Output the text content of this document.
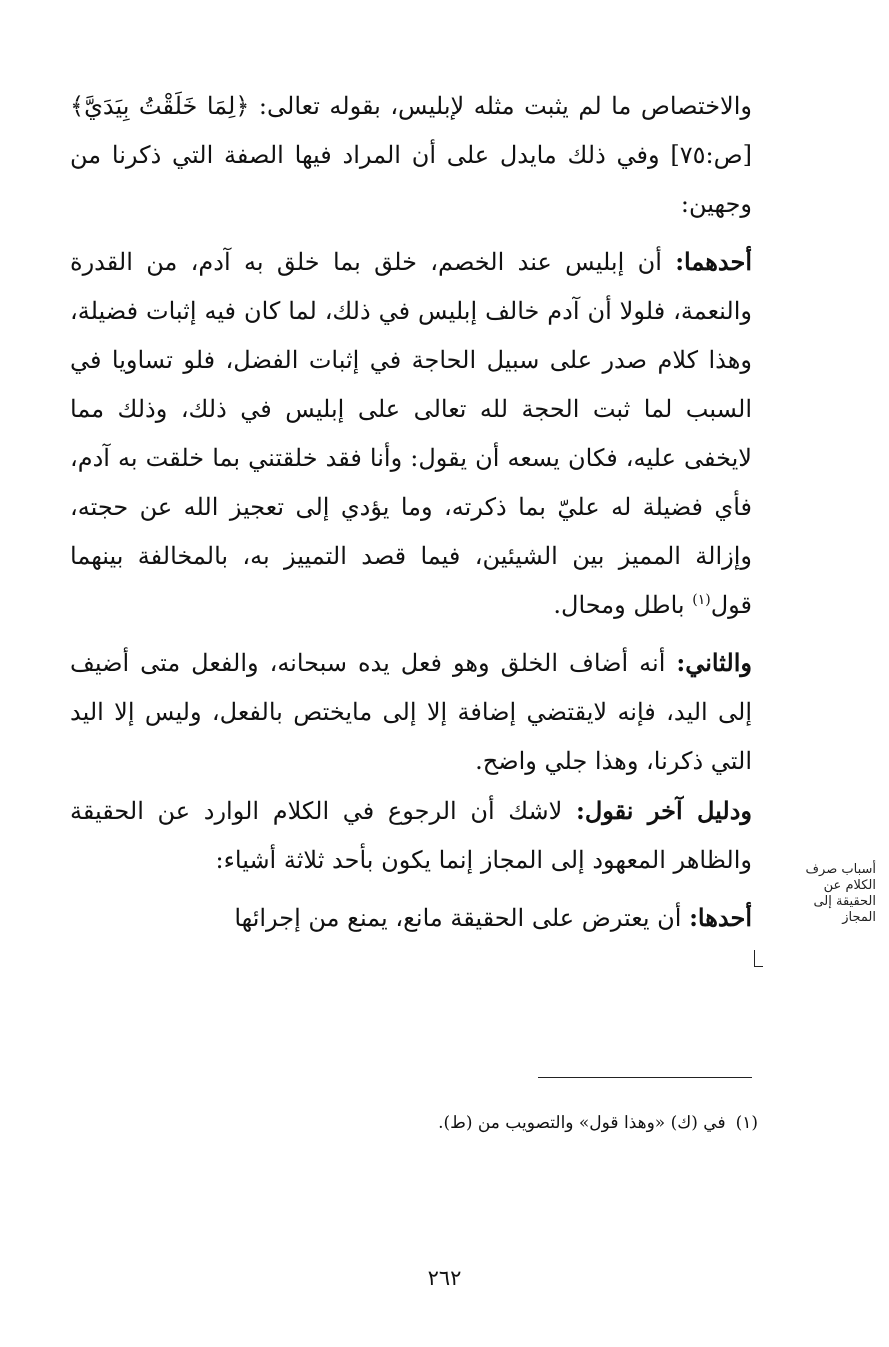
والاختصاص ما لم يثبت مثله لإبليس، بقوله تعالى: ﴿لِمَا خَلَقْتُ بِيَدَيَّ﴾ [ص:٧٥] وفي ذلك مايدل على أن المراد فيها الصفة التي ذكرنا من وجهين:

أحدهما: أن إبليس عند الخصم، خلق بما خلق به آدم، من القدرة والنعمة، فلولا أن آدم خالف إبليس في ذلك، لما كان فيه إثبات فضيلة، وهذا كلام صدر على سبيل الحاجة في إثبات الفضل، فلو تساويا في السبب لما ثبت الحجة لله تعالى على إبليس في ذلك، وذلك مما لايخفى عليه، فكان يسعه أن يقول: وأنا فقد خلقتني بما خلقت به آدم، فأي فضيلة له عليّ بما ذكرته، وما يؤدي إلى تعجيز الله عن حجته، وإزالة المميز بين الشيئين، فيما قصد التمييز به، بالمخالفة بينهما قول$^{(١)}$ باطل ومحال.

والثاني: أنه أضاف الخلق وهو فعل يده سبحانه، والفعل متى أضيف إلى اليد، فإنه لايقتضي إضافة إلا إلى مايختص بالفعل، وليس إلا اليد التي ذكرنا، وهذا جلي واضح.

ودليل آخر نقول: لاشك أن الرجوع في الكلام الوارد عن الحقيقة والظاهر المعهود إلى المجاز إنما يكون بأحد ثلاثة أشياء:

أحدها: أن يعترض على الحقيقة مانع، يمنع من إجرائها

أسباب صرف الكلام عن الحقيقة إلى المجاز
(١)في (ك) «وهذا قول» والتصويب من (ط).
٢٦٢
